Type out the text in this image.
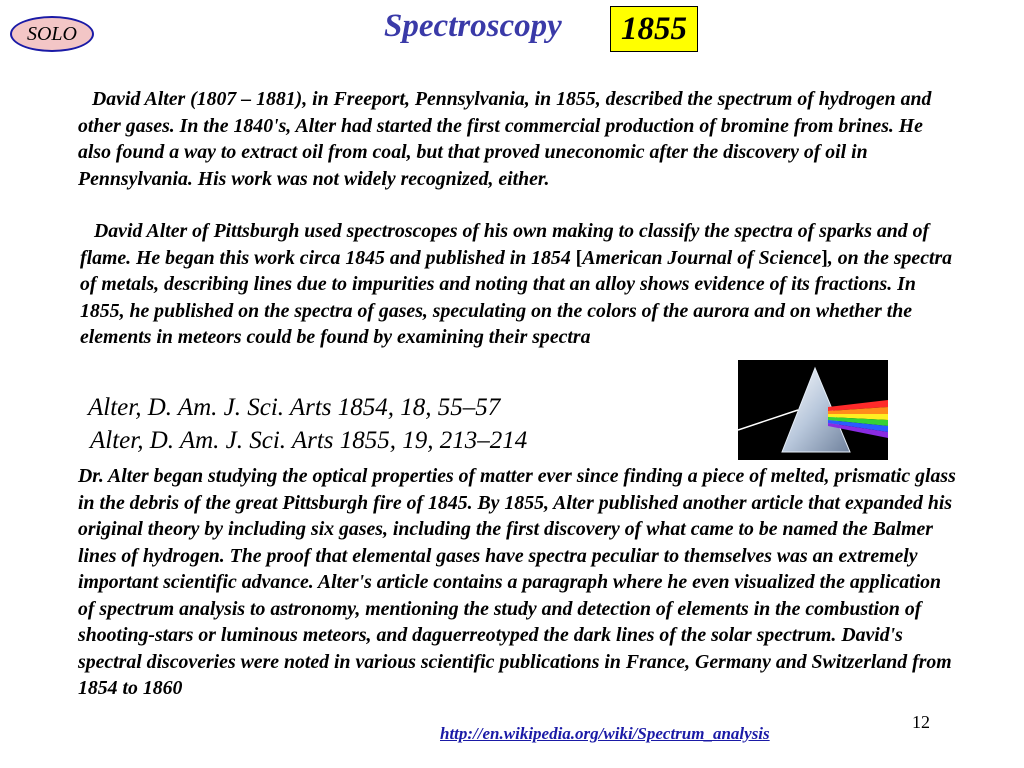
SOLO	Spectroscopy	1855

David Alter (1807 – 1881), in Freeport, Pennsylvania, in 1855, described the spectrum of hydrogen and other gases. In the 1840's, Alter had started the first commercial production of bromine from brines. He also found a way to extract oil from coal, but that proved uneconomic after the discovery of oil in Pennsylvania. His work was not widely recognized, either.

David Alter of Pittsburgh used spectroscopes of his own making to classify the spectra of sparks and of flame. He began this work circa 1845 and published in 1854 [American Journal of Science], on the spectra of metals, describing lines due to impurities and noting that an alloy shows evidence of its fractions. In 1855, he published on the spectra of gases, speculating on the colors of the aurora and on whether the elements in meteors could be found by examining their spectra

Alter, D. Am. J. Sci. Arts 1854, 18, 55–57
Alter, D. Am. J. Sci. Arts 1855, 19, 213–214

Dr. Alter began studying the optical properties of matter ever since finding a piece of melted, prismatic glass in the debris of the great Pittsburgh fire of 1845. By 1855, Alter published another article that expanded his original theory by including six gases, including the first discovery of what came to be named the Balmer lines of hydrogen. The proof that elemental gases have spectra peculiar to themselves was an extremely important scientific advance. Alter's article contains a paragraph where he even visualized the application of spectrum analysis to astronomy, mentioning the study and detection of elements in the combustion of shooting-stars or luminous meteors, and daguerreotyped the dark lines of the solar spectrum. David's spectral discoveries were noted in various scientific publications in France, Germany and Switzerland from 1854 to 1860

http://en.wikipedia.org/wiki/Spectrum_analysis
12
